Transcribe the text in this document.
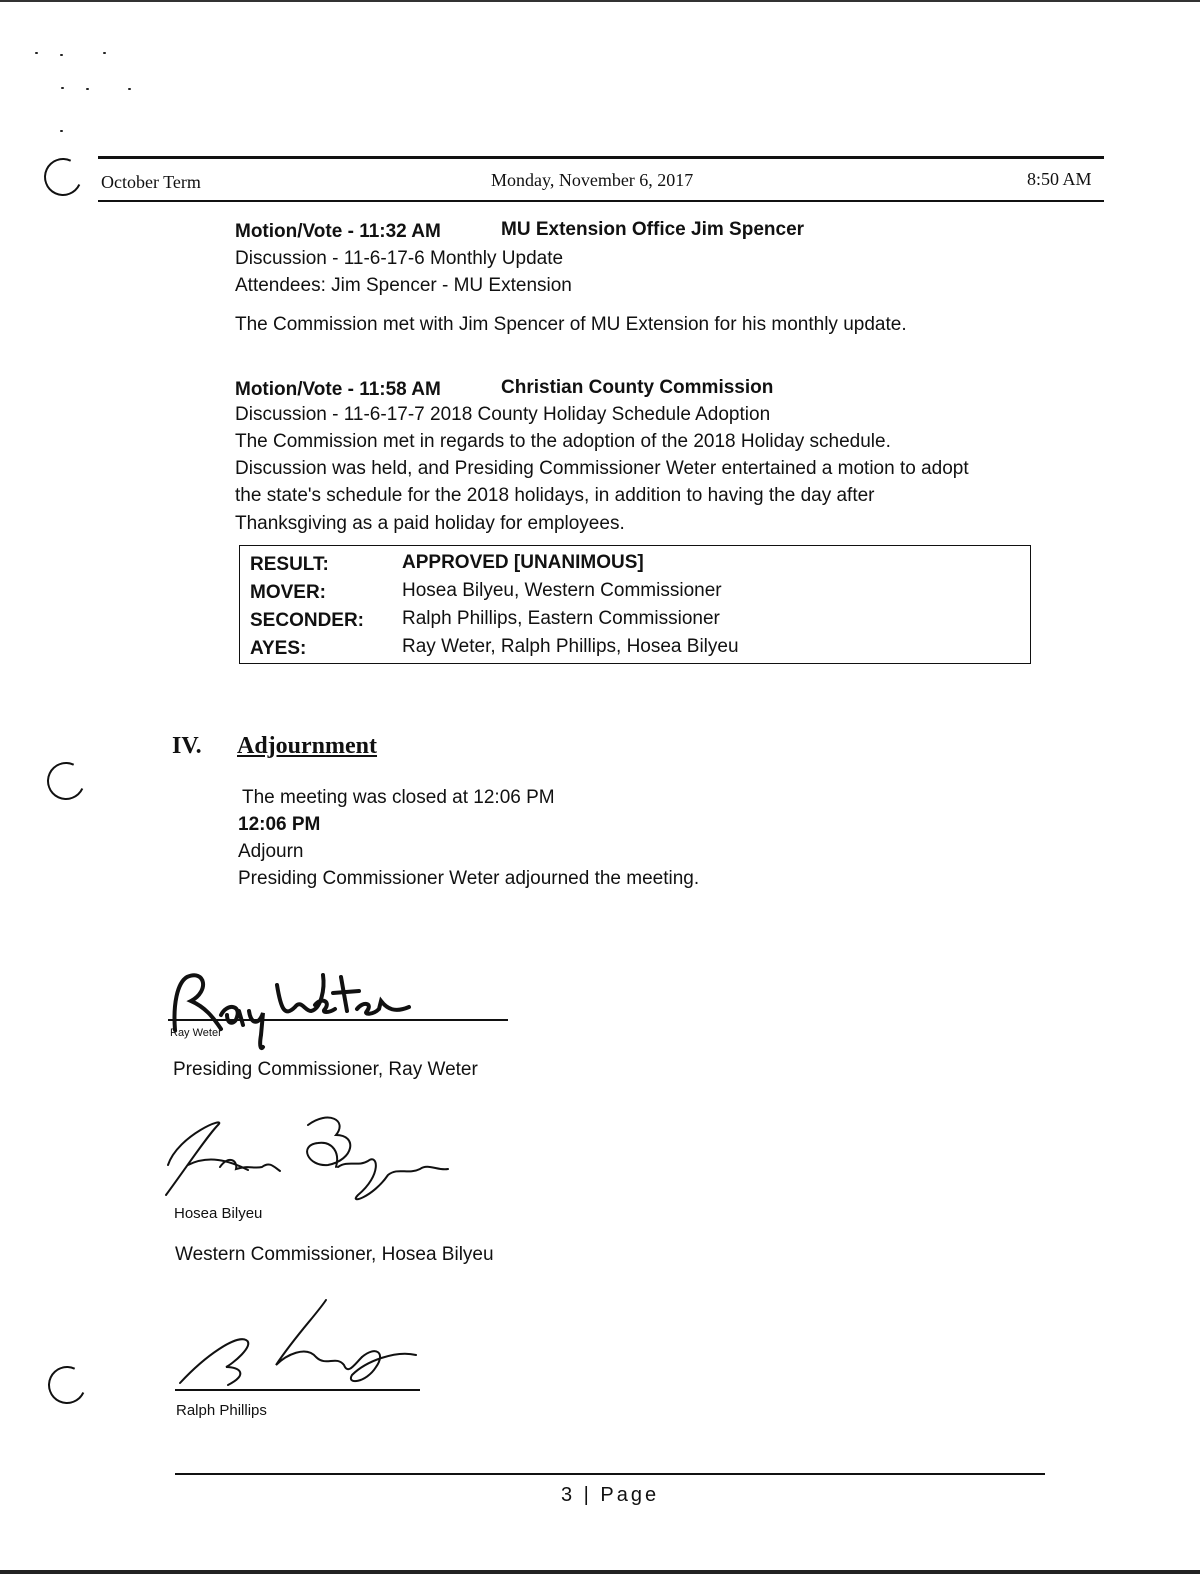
October Term	Monday, November 6, 2017	8:50 AM
Motion/Vote - 11:32 AM	MU Extension Office Jim Spencer
Discussion - 11-6-17-6 Monthly Update
Attendees: Jim Spencer - MU Extension
The Commission met with Jim Spencer of MU Extension for his monthly update.
Motion/Vote - 11:58 AM	Christian County Commission
Discussion - 11-6-17-7 2018 County Holiday Schedule Adoption
The Commission met in regards to the adoption of the 2018 Holiday schedule.
Discussion was held, and Presiding Commissioner Weter entertained a motion to adopt
the state's schedule for the 2018 holidays, in addition to having the day after
Thanksgiving as a paid holiday for employees.
RESULT:	APPROVED [UNANIMOUS]
MOVER:	Hosea Bilyeu, Western Commissioner
SECONDER: Ralph Phillips, Eastern Commissioner
AYES:	Ray Weter, Ralph Phillips, Hosea Bilyeu
IV. Adjournment
The meeting was closed at 12:06 PM
12:06 PM
Adjourn
Presiding Commissioner Weter adjourned the meeting.
Ray Weter
Presiding Commissioner, Ray Weter
Hosea Bilyeu
Western Commissioner, Hosea Bilyeu
Ralph Phillips
3 | Page
